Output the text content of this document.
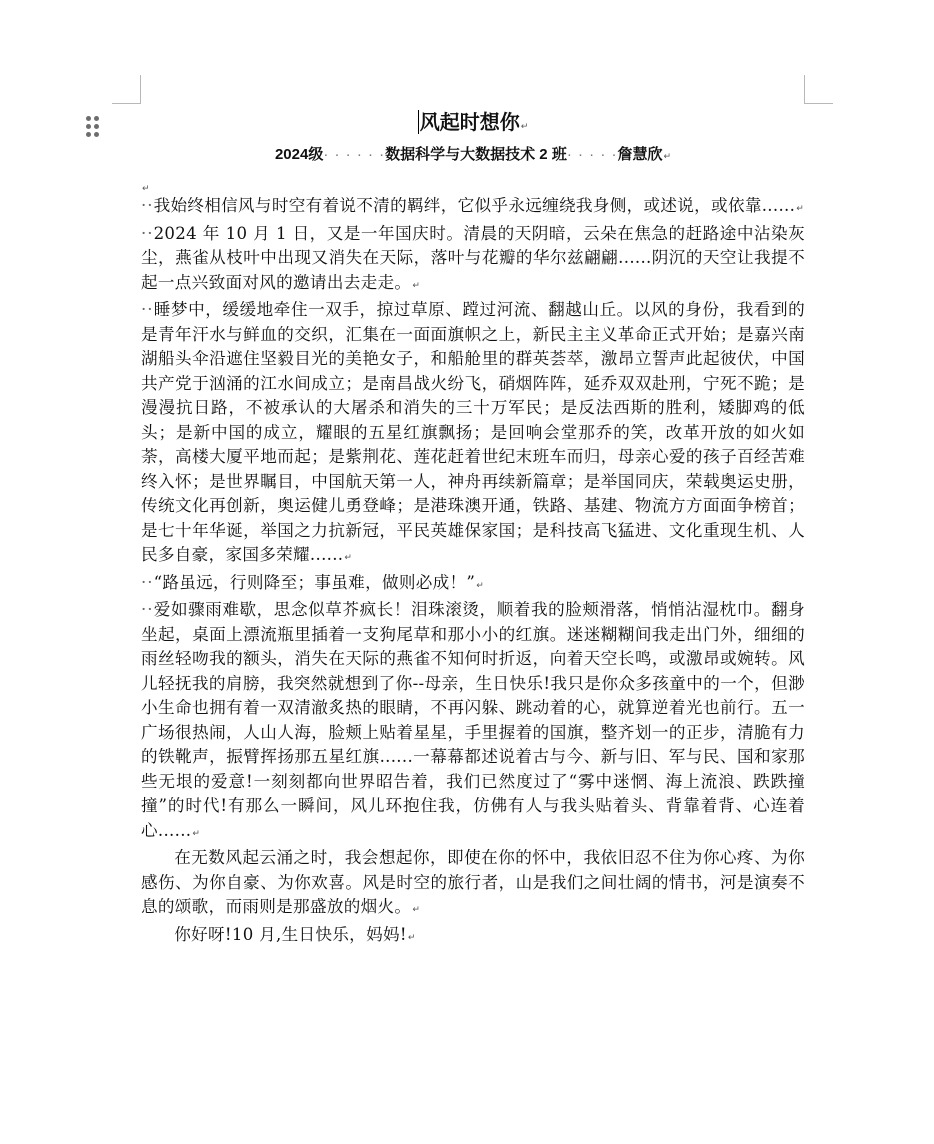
风起时想你↵
2024级· · · · · ·数据科学与大数据技术 2 班· · · · ·詹慧欣↵

↵

··我始终相信风与时空有着说不清的羁绊，它似乎永远缠绕我身侧，或述说，或依靠......↵

··2024 年 10 月 1 日，又是一年国庆时。清晨的天阴暗，云朵在焦急的赶路途中沾染灰尘，燕雀从枝叶中出现又消失在天际，落叶与花瓣的华尔兹翩翩......阴沉的天空让我提不起一点兴致面对风的邀请出去走走。↵

··睡梦中，缓缓地牵住一双手，掠过草原、蹚过河流、翻越山丘。以风的身份，我看到的是青年汗水与鲜血的交织，汇集在一面面旗帜之上，新民主主义革命正式开始；是嘉兴南湖船头伞沿遮住坚毅目光的美艳女子，和船舱里的群英荟萃，激昂立誓声此起彼伏，中国共产党于汹涌的江水间成立；是南昌战火纷飞，硝烟阵阵，延乔双双赴刑，宁死不跪；是漫漫抗日路，不被承认的大屠杀和消失的三十万军民；是反法西斯的胜利，矮脚鸡的低头；是新中国的成立，耀眼的五星红旗飘扬；是回响会堂那乔的笑，改革开放的如火如荼，高楼大厦平地而起；是紫荆花、莲花赶着世纪末班车而归，母亲心爱的孩子百经苦难终入怀；是世界瞩目，中国航天第一人，神舟再续新篇章；是举国同庆，荣载奥运史册，传统文化再创新，奥运健儿勇登峰；是港珠澳开通，铁路、基建、物流方方面面争榜首；是七十年华诞，举国之力抗新冠，平民英雄保家国；是科技高飞猛进、文化重现生机、人民多自豪，家国多荣耀......↵

··“路虽远，行则降至；事虽难，做则必成！”↵

··爱如骤雨难歇，思念似草芥疯长！泪珠滚烫，顺着我的脸颊滑落，悄悄沾湿枕巾。翻身坐起，桌面上漂流瓶里插着一支狗尾草和那小小的红旗。迷迷糊糊间我走出门外，细细的雨丝轻吻我的额头，消失在天际的燕雀不知何时折返，向着天空长鸣，或激昂或婉转。风儿轻抚我的肩膀，我突然就想到了你--母亲，生日快乐!我只是你众多孩童中的一个，但渺小生命也拥有着一双清澈炙热的眼睛，不再闪躲、跳动着的心，就算逆着光也前行。五一广场很热闹，人山人海，脸颊上贴着星星，手里握着的国旗，整齐划一的正步，清脆有力的铁靴声，振臂挥扬那五星红旗......一幕幕都述说着古与今、新与旧、军与民、国和家那些无垠的爱意!一刻刻都向世界昭告着，我们已然度过了“雾中迷惘、海上流浪、跌跌撞撞”的时代!有那么一瞬间，风儿环抱住我，仿佛有人与我头贴着头、背靠着背、心连着心......↵

在无数风起云涌之时，我会想起你，即使在你的怀中，我依旧忍不住为你心疼、为你感伤、为你自豪、为你欢喜。风是时空的旅行者，山是我们之间壮阔的情书，河是演奏不息的颂歌，而雨则是那盛放的烟火。↵

你好呀!10 月,生日快乐，妈妈!↵
